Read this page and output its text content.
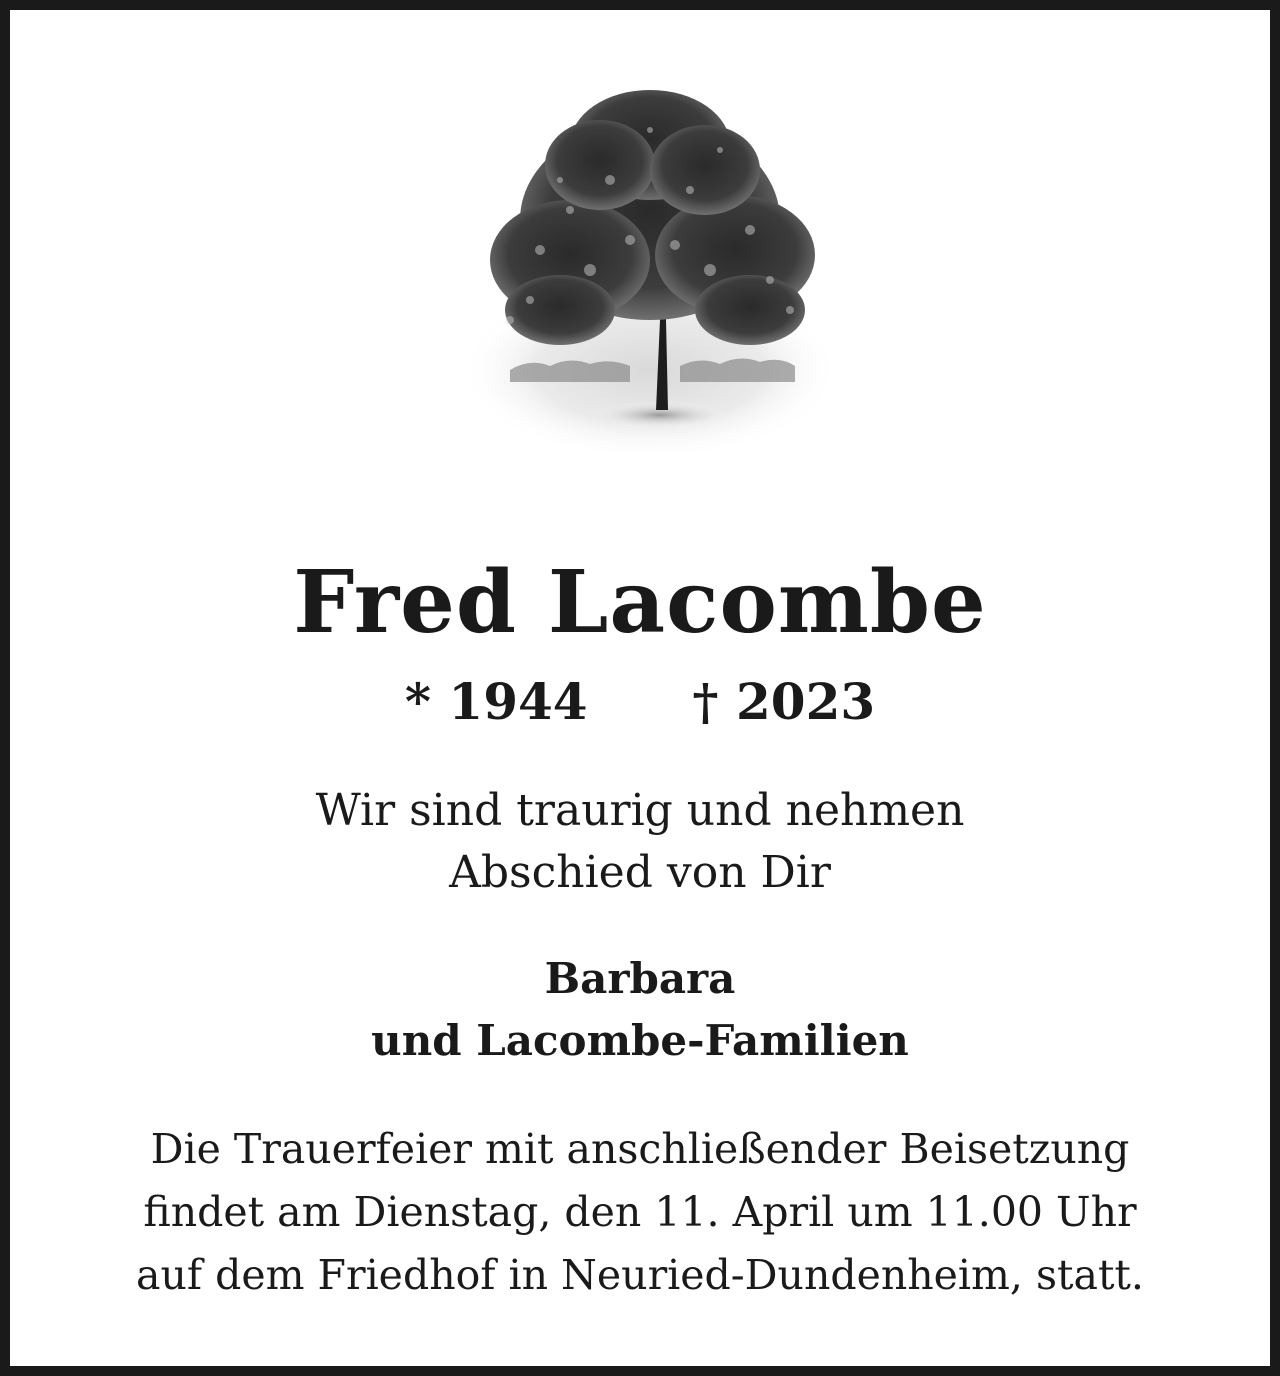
Fred Lacombe
* 1944 † 2023
Wir sind traurig und nehmen
Abschied von Dir
Barbara
und Lacombe-Familien
Die Trauerfeier mit anschließender Beisetzung
findet am Dienstag, den 11. April um 11.00 Uhr
auf dem Friedhof in Neuried-Dundenheim, statt.
